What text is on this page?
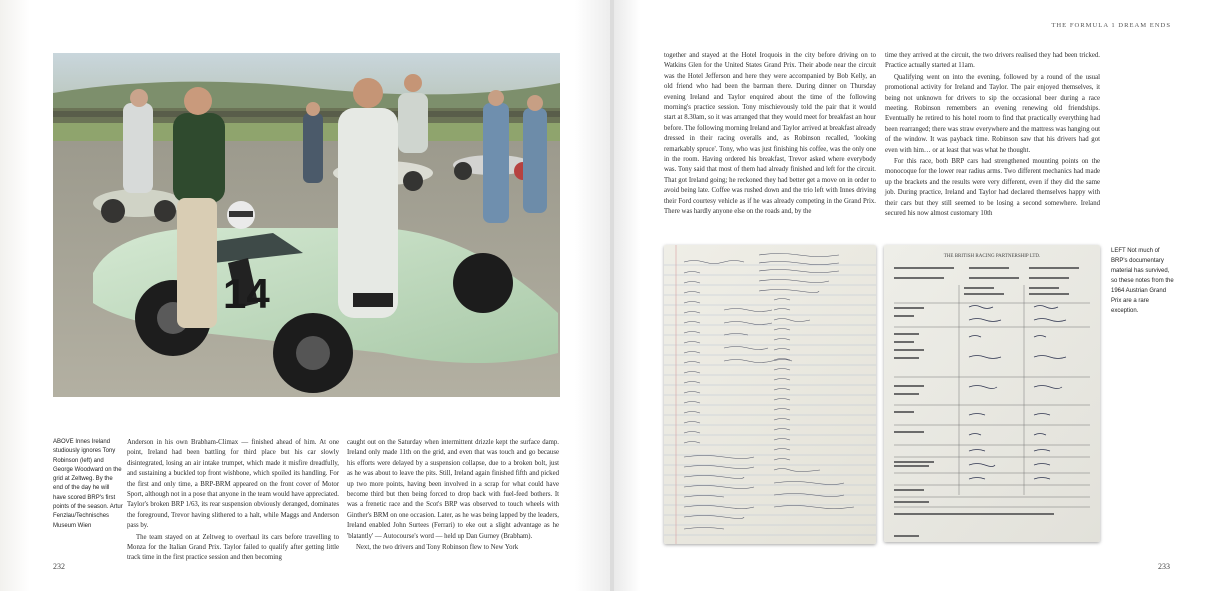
THE FORMULA 1 DREAM ENDS
14
ABOVE Innes Ireland studiously ignores Tony Robinson (left) and George Woodward on the grid at Zeltweg. By the end of the day he will have scored BRP's first points of the season. Artur Fenzlau/Technisches Museum Wien

Anderson in his own Brabham-Climax — finished ahead of him. At one point, Ireland had been battling for third place but his car slowly disintegrated, losing an air intake trumpet, which made it misfire dreadfully, and sustaining a buckled top front wishbone, which spoiled its handling. For the first and only time, a BRP-BRM appeared on the front cover of Motor Sport, although not in a pose that anyone in the team would have appreciated. Taylor's broken BRP 1/63, its rear suspension obviously deranged, dominates the foreground, Trevor having slithered to a halt, while Maggs and Anderson pass by.

The team stayed on at Zeltweg to overhaul its cars before travelling to Monza for the Italian Grand Prix. Taylor failed to qualify after getting little track time in the first practice session and then becoming

caught out on the Saturday when intermittent drizzle kept the surface damp. Ireland only made 11th on the grid, and even that was touch and go because his efforts were delayed by a suspension collapse, due to a broken bolt, just as he was about to leave the pits. Still, Ireland again finished fifth and picked up two more points, having been involved in a scrap for what could have become third but then being forced to drop back with fuel-feed bothers. It was a frenetic race and the Scot's BRP was observed to touch wheels with Ginther's BRM on one occasion. Later, as he was being lapped by the leaders, Ireland enabled John Surtees (Ferrari) to eke out a slight advantage as he 'blatantly' — Autocourse's word — held up Dan Gurney (Brabham).

Next, the two drivers and Tony Robinson flew to New York

together and stayed at the Hotel Iroquois in the city before driving on to Watkins Glen for the United States Grand Prix. Their abode near the circuit was the Hotel Jefferson and here they were accompanied by Bob Kelly, an old friend who had been the barman there. During dinner on Thursday evening Ireland and Taylor enquired about the time of the following morning's practice session. Tony mischievously told the pair that it would start at 8.30am, so it was arranged that they would meet for breakfast an hour before. The following morning Ireland and Taylor arrived at breakfast already dressed in their racing overalls and, as Robinson recalled, 'looking remarkably spruce'. Tony, who was just finishing his coffee, was the only one in the room. Having ordered his breakfast, Trevor asked where everybody was. Tony said that most of them had already finished and left for the circuit. That got Ireland going; he reckoned they had better get a move on in order to avoid being late. Coffee was rushed down and the trio left with Innes driving their Ford courtesy vehicle as if he was already competing in the Grand Prix. There was hardly anyone else on the roads and, by the

time they arrived at the circuit, the two drivers realised they had been tricked. Practice actually started at 11am.

Qualifying went on into the evening, followed by a round of the usual promotional activity for Ireland and Taylor. The pair enjoyed themselves, it being not unknown for drivers to sip the occasional beer during a race meeting. Robinson remembers an evening renewing old friendships. Eventually he retired to his hotel room to find that practically everything had been rearranged; there was straw everywhere and the mattress was hanging out of the window. It was payback time. Robinson saw that his drivers had got even with him… or at least that was what he thought.

For this race, both BRP cars had strengthened mounting points on the monocoque for the lower rear radius arms. Two different mechanics had made up the brackets and the results were very different, even if they did the same job. During practice, Ireland and Taylor had declared themselves happy with their cars but they still seemed to be losing a second somewhere. Ireland secured his now almost customary 10th

THE BRITISH RACING PARTNERSHIP LTD.
LEFT Not much of BRP's documentary material has survived, so these notes from the 1964 Austrian Grand Prix are a rare exception.
232	233
